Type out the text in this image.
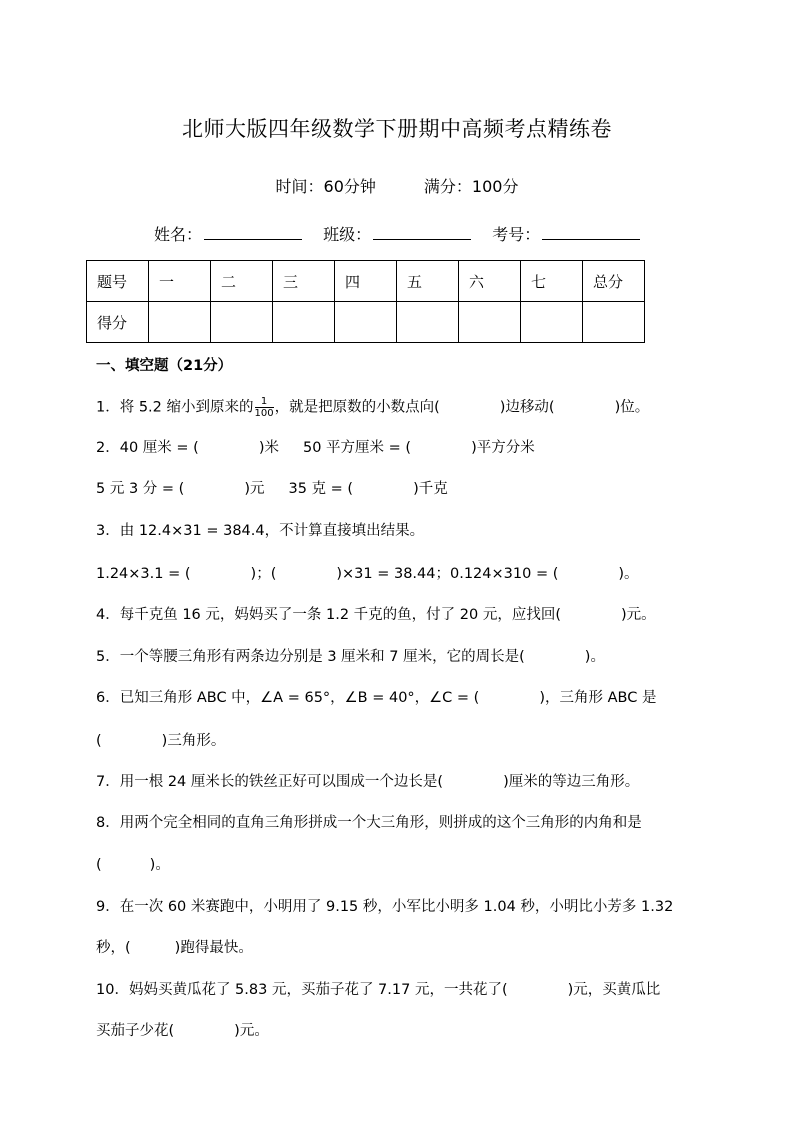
北师大版四年级数学下册期中高频考点精练卷
时间：60分钟	满分：100分
姓名：	班级：	考号：
题号	一	二	三	四	五	六	七	总分
得分								
一、填空题（21分）
1．将 5.2 缩小到原来的 $\frac{1}{100}$ ，就是把原数的小数点向(	)边移动(	)位。
2．40 厘米 = (	)米 50 平方厘米 = (	)平方分米
5 元 3 分 = (	)元 35 克 = (	)千克
3．由 12.4×31 = 384.4，不计算直接填出结果。
1.24×3.1 = (	)；(	)×31 = 38.44；0.124×310 = (	)。
4．每千克鱼 16 元，妈妈买了一条 1.2 千克的鱼，付了 20 元，应找回(	)元。
5．一个等腰三角形有两条边分别是 3 厘米和 7 厘米，它的周长是(	)。
6．已知三角形 ABC 中，∠A = 65°，∠B = 40°，∠C = (	)，三角形 ABC 是
(	)三角形。
7．用一根 24 厘米长的铁丝正好可以围成一个边长是(	)厘米的等边三角形。
8．用两个完全相同的直角三角形拼成一个大三角形，则拼成的这个三角形的内角和是
(	)。
9．在一次 60 米赛跑中，小明用了 9.15 秒，小军比小明多 1.04 秒，小明比小芳多 1.32
秒，(	)跑得最快。
10．妈妈买黄瓜花了 5.83 元，买茄子花了 7.17 元，一共花了(	)元，买黄瓜比
买茄子少花(	)元。
